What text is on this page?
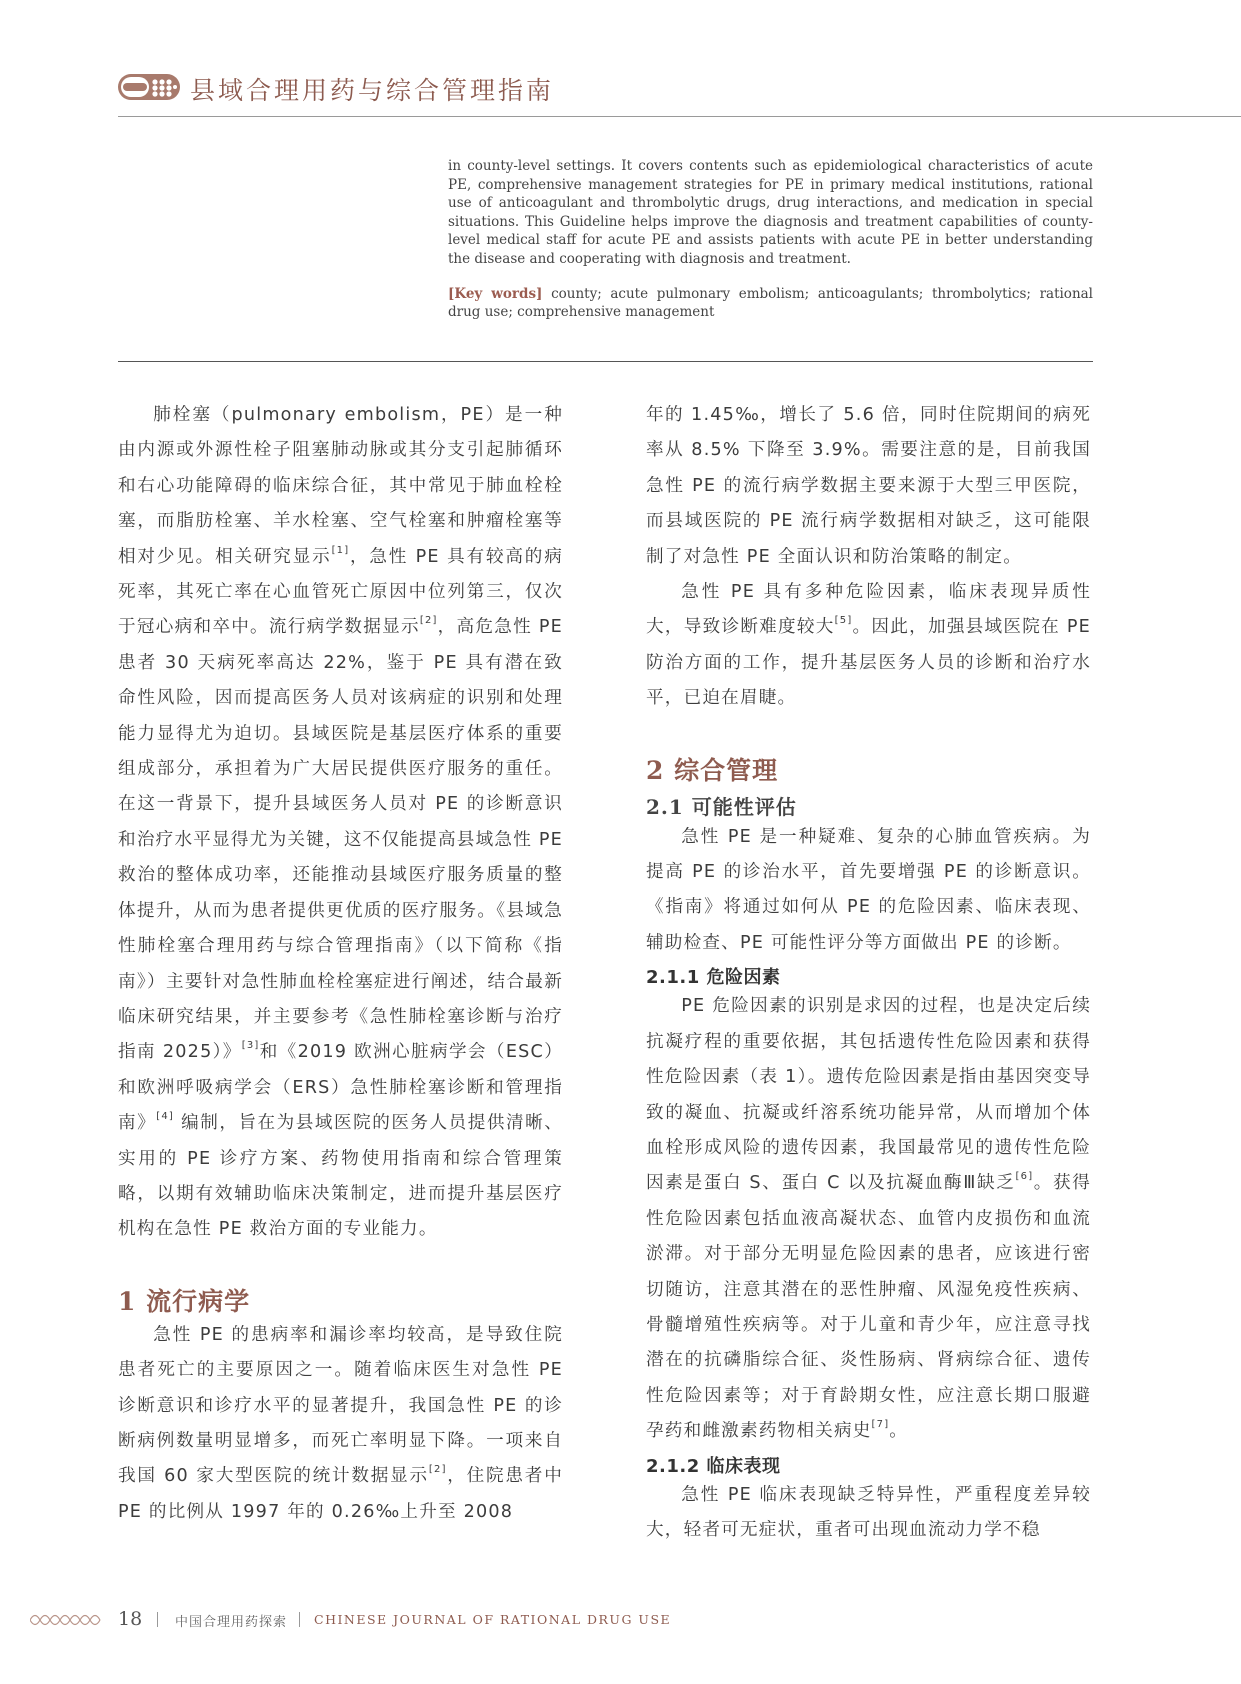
县域合理用药与综合管理指南

in county-level settings. It covers contents such as epidemiological characteristics of acute PE, comprehensive management strategies for PE in primary medical institutions, rational use of anticoagulant and thrombolytic drugs, drug interactions, and medication in special situations. This Guideline helps improve the diagnosis and treatment capabilities of county-level medical staff for acute PE and assists patients with acute PE in better understanding the disease and cooperating with diagnosis and treatment.

[Key words] county; acute pulmonary embolism; anticoagulants; thrombolytics; rational drug use; comprehensive management

肺栓塞（pulmonary embolism，PE）是一种由内源或外源性栓子阻塞肺动脉或其分支引起肺循环和右心功能障碍的临床综合征，其中常见于肺血栓栓塞，而脂肪栓塞、羊水栓塞、空气栓塞和肿瘤栓塞等相对少见。相关研究显示[1]，急性 PE 具有较高的病死率，其死亡率在心血管死亡原因中位列第三，仅次于冠心病和卒中。流行病学数据显示[2]，高危急性 PE 患者 30 天病死率高达 22%，鉴于 PE 具有潜在致命性风险，因而提高医务人员对该病症的识别和处理能力显得尤为迫切。县域医院是基层医疗体系的重要组成部分，承担着为广大居民提供医疗服务的重任。在这一背景下，提升县域医务人员对 PE 的诊断意识和治疗水平显得尤为关键，这不仅能提高县域急性 PE 救治的整体成功率，还能推动县域医疗服务质量的整体提升，从而为患者提供更优质的医疗服务。《县域急性肺栓塞合理用药与综合管理指南》（以下简称《指南》）主要针对急性肺血栓栓塞症进行阐述，结合最新临床研究结果，并主要参考《急性肺栓塞诊断与治疗指南 2025）》[3]和《2019 欧洲心脏病学会（ESC）和欧洲呼吸病学会（ERS）急性肺栓塞诊断和管理指南》[4] 编制，旨在为县域医院的医务人员提供清晰、实用的 PE 诊疗方案、药物使用指南和综合管理策略，以期有效辅助临床决策制定，进而提升基层医疗机构在急性 PE 救治方面的专业能力。

1 流行病学

急性 PE 的患病率和漏诊率均较高，是导致住院患者死亡的主要原因之一。随着临床医生对急性 PE 诊断意识和诊疗水平的显著提升，我国急性 PE 的诊断病例数量明显增多，而死亡率明显下降。一项来自我国 60 家大型医院的统计数据显示[2]，住院患者中 PE 的比例从 1997 年的 0.26‰上升至 2008

年的 1.45‰，增长了 5.6 倍，同时住院期间的病死率从 8.5% 下降至 3.9%。需要注意的是，目前我国急性 PE 的流行病学数据主要来源于大型三甲医院，而县域医院的 PE 流行病学数据相对缺乏，这可能限制了对急性 PE 全面认识和防治策略的制定。

急性 PE 具有多种危险因素，临床表现异质性大，导致诊断难度较大[5]。因此，加强县域医院在 PE 防治方面的工作，提升基层医务人员的诊断和治疗水平，已迫在眉睫。

2 综合管理
2.1 可能性评估

急性 PE 是一种疑难、复杂的心肺血管疾病。为提高 PE 的诊治水平，首先要增强 PE 的诊断意识。《指南》将通过如何从 PE 的危险因素、临床表现、辅助检查、PE 可能性评分等方面做出 PE 的诊断。

2.1.1 危险因素

PE 危险因素的识别是求因的过程，也是决定后续抗凝疗程的重要依据，其包括遗传性危险因素和获得性危险因素（表 1）。遗传危险因素是指由基因突变导致的凝血、抗凝或纤溶系统功能异常，从而增加个体血栓形成风险的遗传因素，我国最常见的遗传性危险因素是蛋白 S、蛋白 C 以及抗凝血酶Ⅲ缺乏[6]。获得性危险因素包括血液高凝状态、血管内皮损伤和血流淤滞。对于部分无明显危险因素的患者，应该进行密切随访，注意其潜在的恶性肿瘤、风湿免疫性疾病、骨髓增殖性疾病等。对于儿童和青少年，应注意寻找潜在的抗磷脂综合征、炎性肠病、肾病综合征、遗传性危险因素等；对于育龄期女性，应注意长期口服避孕药和雌激素药物相关病史[7]。

2.1.2 临床表现

急性 PE 临床表现缺乏特异性，严重程度差异较大，轻者可无症状，重者可出现血流动力学不稳

18	中国合理用药探索 CHINESE JOURNAL OF RATIONAL DRUG USE
